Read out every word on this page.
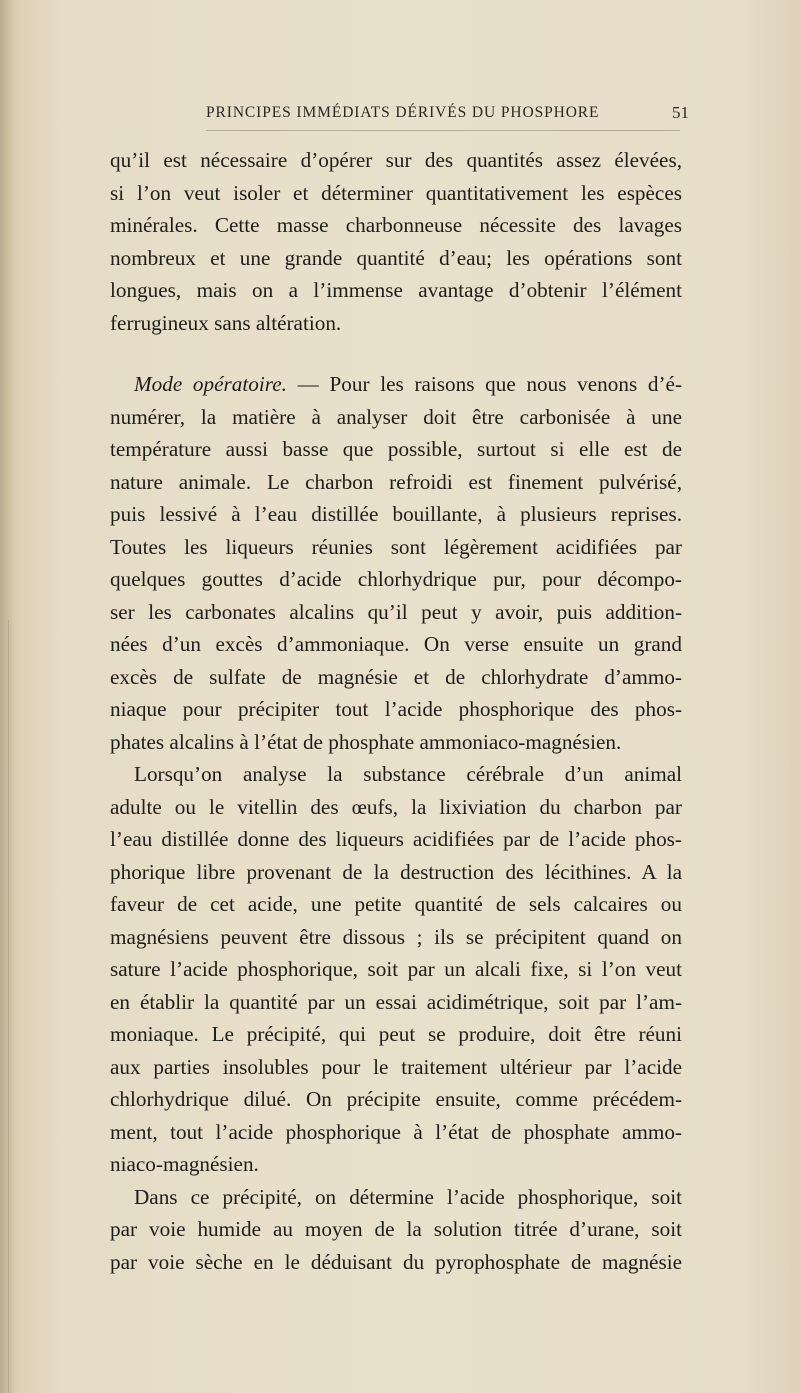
PRINCIPES IMMÉDIATS DÉRIVÉS DU PHOSPHORE	51
qu’il est nécessaire d’opérer sur des quantités assez élevées,
si l’on veut isoler et déterminer quantitativement les espèces
minérales. Cette masse charbonneuse nécessite des lavages
nombreux et une grande quantité d’eau; les opérations sont
longues, mais on a l’immense avantage d’obtenir l’élément
ferrugineux sans altération.
Mode opératoire. — Pour les raisons que nous venons d’é-
numérer, la matière à analyser doit être carbonisée à une
température aussi basse que possible, surtout si elle est de
nature animale. Le charbon refroidi est finement pulvérisé,
puis lessivé à l’eau distillée bouillante, à plusieurs reprises.
Toutes les liqueurs réunies sont légèrement acidifiées par
quelques gouttes d’acide chlorhydrique pur, pour décompo-
ser les carbonates alcalins qu’il peut y avoir, puis addition-
nées d’un excès d’ammoniaque. On verse ensuite un grand
excès de sulfate de magnésie et de chlorhydrate d’ammo-
niaque pour précipiter tout l’acide phosphorique des phos-
phates alcalins à l’état de phosphate ammoniaco-magnésien.
Lorsqu’on analyse la substance cérébrale d’un animal
adulte ou le vitellin des œufs, la lixiviation du charbon par
l’eau distillée donne des liqueurs acidifiées par de l’acide phos-
phorique libre provenant de la destruction des lécithines. A la
faveur de cet acide, une petite quantité de sels calcaires ou
magnésiens peuvent être dissous ; ils se précipitent quand on
sature l’acide phosphorique, soit par un alcali fixe, si l’on veut
en établir la quantité par un essai acidimétrique, soit par l’am-
moniaque. Le précipité, qui peut se produire, doit être réuni
aux parties insolubles pour le traitement ultérieur par l’acide
chlorhydrique dilué. On précipite ensuite, comme précédem-
ment, tout l’acide phosphorique à l’état de phosphate ammo-
niaco-magnésien.
Dans ce précipité, on détermine l’acide phosphorique, soit
par voie humide au moyen de la solution titrée d’urane, soit
par voie sèche en le déduisant du pyrophosphate de magnésie
